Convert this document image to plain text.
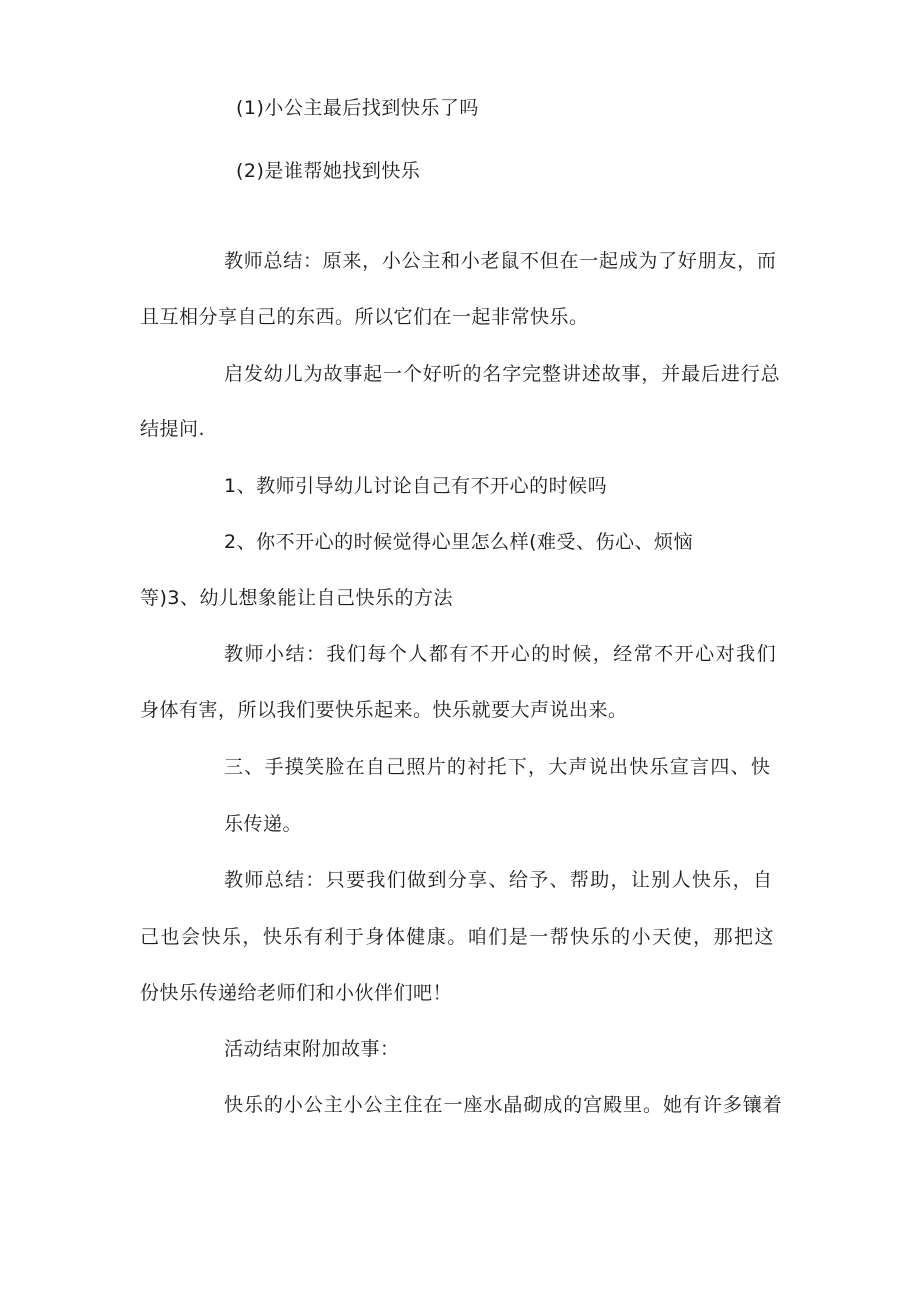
(1)小公主最后找到快乐了吗
(2)是谁帮她找到快乐
教 师 总 结 ： 原 来 ， 小 公 主 和 小 老 鼠 不 但 在 一 起 成 为 了 好 朋 友 ， 而
且互相分享自己的东西。所以它们在一起非常快乐。
启 发 幼 儿 为 故 事 起 一 个 好 听 的 名 字 完 整 讲 述 故 事 ， 并 最 后 进 行 总
结提问.
1、教师引导幼儿讨论自己有不开心的时候吗
2、你不开心的时候觉得心里怎么样(难受、伤心、烦恼
等)3、幼儿想象能让自己快乐的方法
教 师 小 结 ： 我 们 每 个 人 都 有 不 开 心 的 时 候 ， 经 常 不 开 心 对 我 们
身体有害，所以我们要快乐起来。快乐就要大声说出来。
三 、 手 摸 笑 脸 在 自 己 照 片 的 衬 托 下 ， 大 声 说 出 快 乐 宣 言 四 、 快
乐传递。
教 师 总 结 ： 只 要 我 们 做 到 分 享 、 给 予 、 帮 助 ， 让 别 人 快 乐 ， 自
己 也 会 快 乐 ， 快 乐 有 利 于 身 体 健 康 。 咱 们 是 一 帮 快 乐 的 小 天 使 ， 那 把 这
份快乐传递给老师们和小伙伴们吧！
活动结束附加故事：
快 乐 的 小 公 主 小 公 主 住 在 一 座 水 晶 砌 成 的 宫 殿 里 。 她 有 许 多 镶 着
